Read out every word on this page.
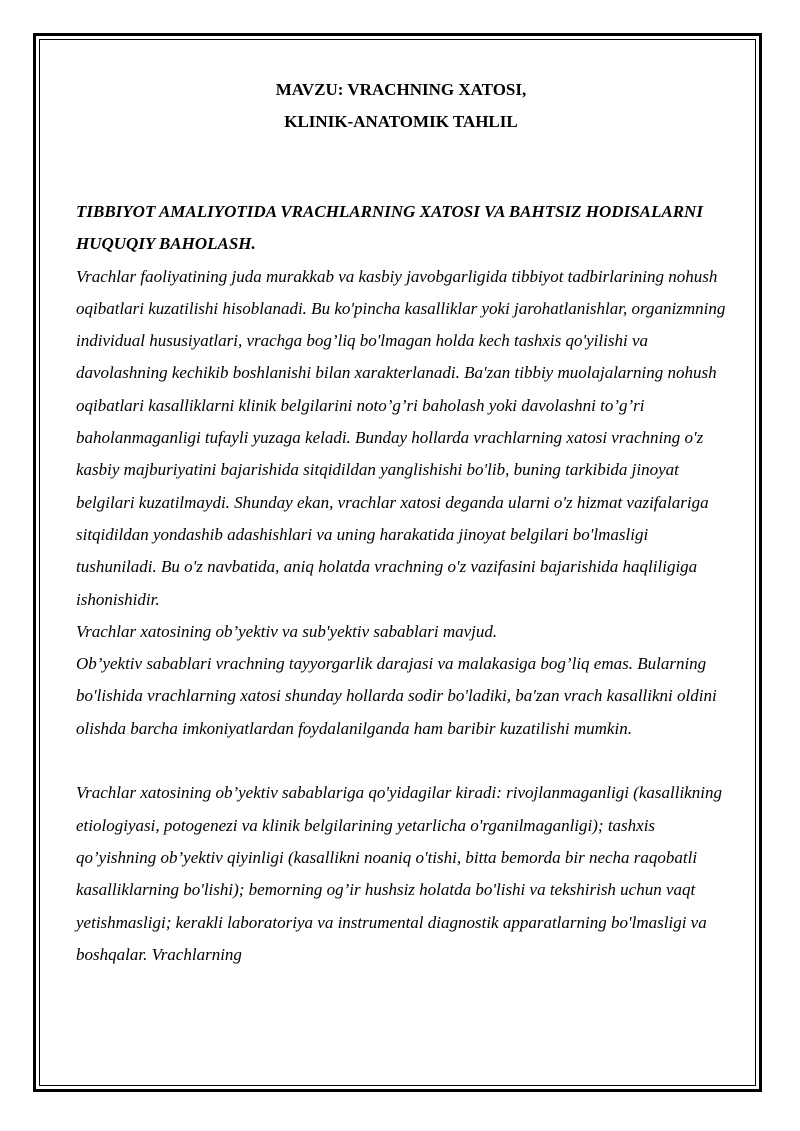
MAVZU: VRACHNING XATOSI,

KLINIK-ANATOMIK TAHLIL

TIBBIYOT AMALIYOTIDA VRACHLARNING XATOSI VA BAHTSIZ HODISALARNI HUQUQIY BAHOLASH.

Vrachlar faoliyatining juda murakkab va kasbiy javobgarligida tibbiyot tadbirlarining nohush oqibatlari kuzatilishi hisoblanadi. Bu ko'pincha kasalliklar yoki jarohatlanishlar, organizmning individual hususiyatlari, vrachga bog’liq bo'lmagan holda kech tashxis qo'yilishi va davolashning kechikib boshlanishi bilan xarakterlanadi. Ba'zan tibbiy muolajalarning nohush oqibatlari kasalliklarni klinik belgilarini noto’g’ri baholash yoki davolashni to’g’ri baholanmaganligi tufayli yuzaga keladi. Bunday hollarda vrachlarning xatosi vrachning o'z kasbiy majburiyatini bajarishida sitqidildan yanglishishi bo'lib, buning tarkibida jinoyat belgilari kuzatilmaydi. Shunday ekan, vrachlar xatosi deganda ularni o'z hizmat vazifalariga sitqidildan yondashib adashishlari va uning harakatida jinoyat belgilari bo'lmasligi tushuniladi. Bu o'z navbatida, aniq holatda vrachning o'z vazifasini bajarishida haqliligiga ishonishidir.

Vrachlar xatosining ob’yektiv va sub'yektiv sabablari mavjud.

Ob’yektiv sabablari vrachning tayyorgarlik darajasi va malakasiga bog’liq emas. Bularning bo'lishida vrachlarning xatosi shunday hollarda sodir bo'ladiki, ba'zan vrach kasallikni oldini olishda barcha imkoniyatlardan foydalanilganda ham baribir kuzatilishi mumkin.

Vrachlar xatosining ob’yektiv sabablariga qo'yidagilar kiradi: rivojlanmaganligi (kasallikning etiologiyasi, potogenezi va klinik belgilarining yetarlicha o'rganilmaganligi); tashxis qo’yishning ob’yektiv qiyinligi (kasallikni noaniq o'tishi, bitta bemorda bir necha raqobatli kasalliklarning bo'lishi); bemorning og’ir hushsiz holatda bo'lishi va tekshirish uchun vaqt yetishmasligi; kerakli laboratoriya va instrumental diagnostik apparatlarning bo'lmasligi va boshqalar. Vrachlarning
